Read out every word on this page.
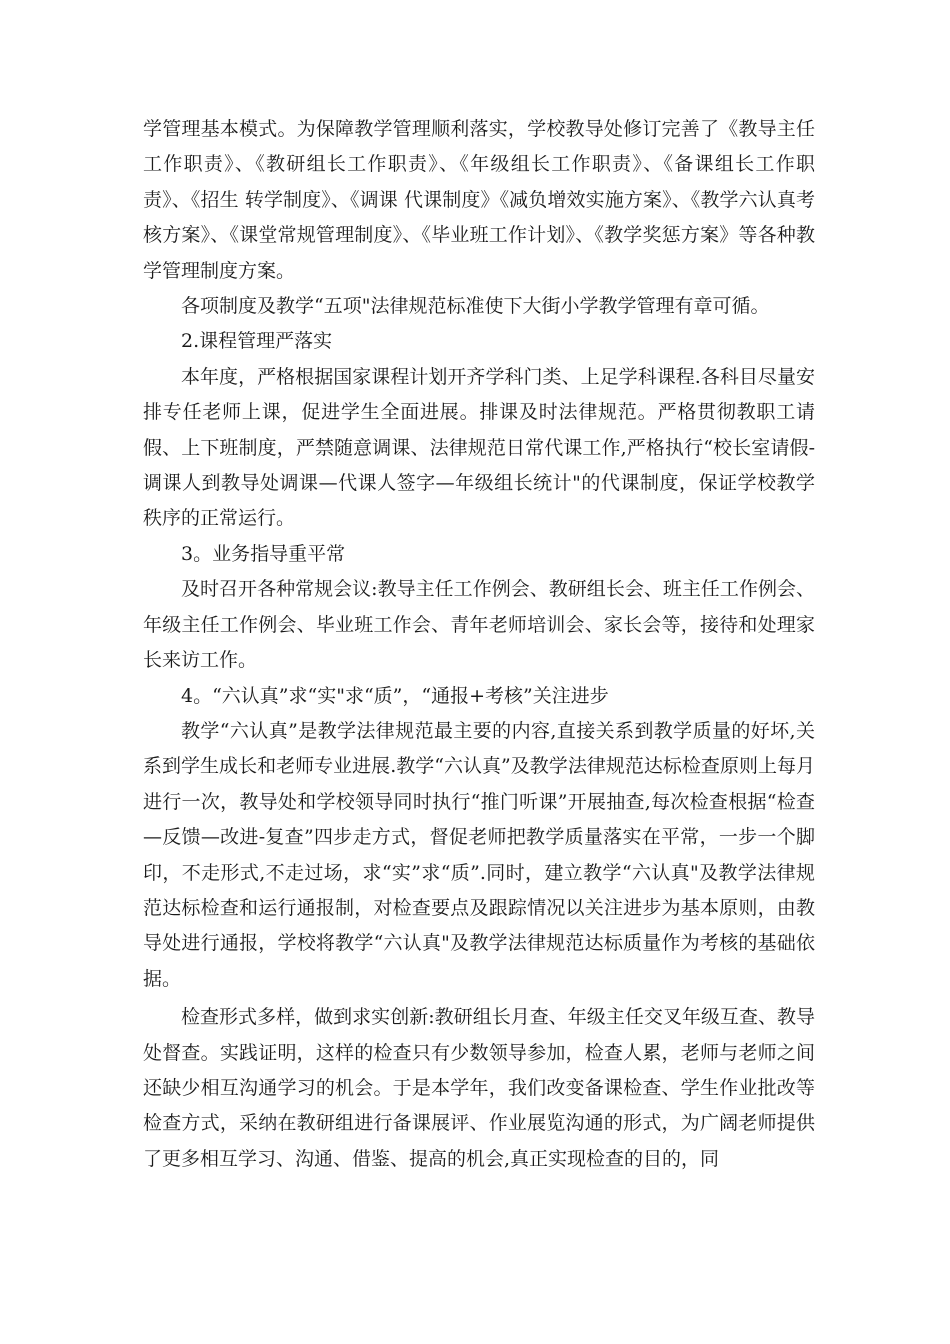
学管理基本模式。为保障教学管理顺利落实，学校教导处修订完善了《教导主任工作职责》、《教研组长工作职责》、《年级组长工作职责》、《备课组长工作职责》、《招生 转学制度》、《调课 代课制度》《减负增效实施方案》、《教学六认真考核方案》、《课堂常规管理制度》、《毕业班工作计划》、《教学奖惩方案》等各种教学管理制度方案。

各项制度及教学“五项"法律规范标准使下大街小学教学管理有章可循。

2.课程管理严落实

本年度，严格根据国家课程计划开齐学科门类、上足学科课程.各科目尽量安排专任老师上课，促进学生全面进展。排课及时法律规范。严格贯彻教职工请假、上下班制度，严禁随意调课、法律规范日常代课工作,严格执行“校长室请假-调课人到教导处调课—代课人签字—年级组长统计"的代课制度，保证学校教学秩序的正常运行。

3。业务指导重平常

及时召开各种常规会议:教导主任工作例会、教研组长会、班主任工作例会、年级主任工作例会、毕业班工作会、青年老师培训会、家长会等，接待和处理家长来访工作。

4。“六认真”求“实"求“质”，“通报+考核”关注进步

教学“六认真”是教学法律规范最主要的内容,直接关系到教学质量的好坏,关系到学生成长和老师专业进展.教学“六认真”及教学法律规范达标检查原则上每月进行一次，教导处和学校领导同时执行“推门听课”开展抽查,每次检查根据“检查—反馈—改进-复查”四步走方式，督促老师把教学质量落实在平常，一步一个脚印，不走形式,不走过场，求“实”求“质”.同时，建立教学“六认真"及教学法律规范达标检查和运行通报制，对检查要点及跟踪情况以关注进步为基本原则，由教导处进行通报，学校将教学“六认真"及教学法律规范达标质量作为考核的基础依据。

检查形式多样，做到求实创新:教研组长月查、年级主任交叉年级互查、教导处督查。实践证明，这样的检查只有少数领导参加，检查人累，老师与老师之间还缺少相互沟通学习的机会。于是本学年，我们改变备课检查、学生作业批改等检查方式，采纳在教研组进行备课展评、作业展览沟通的形式，为广阔老师提供了更多相互学习、沟通、借鉴、提高的机会,真正实现检查的目的，同
